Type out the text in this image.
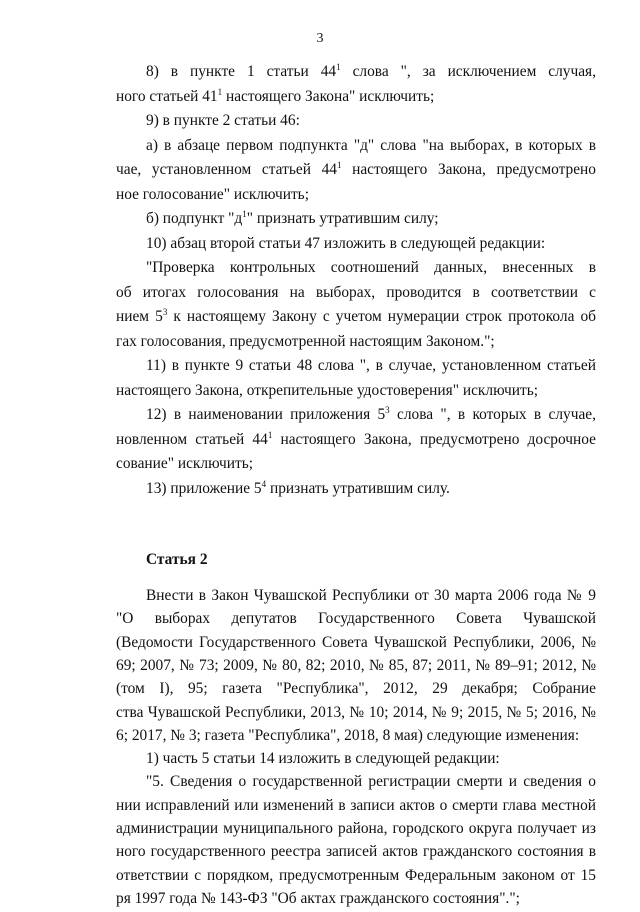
3
8) в пункте 1 статьи $44^1$ слова ", за исключением случая,
ного статьей $41^1$ настоящего Закона" исключить;
9) в пункте 2 статьи 46:
а) в абзаце первом подпункта "д" слова "на выборах, в которых в
чае, установленном статьей $44^1$ настоящего Закона, предусмотрено
ное голосование" исключить;
б) подпункт "$д^1$" признать утратившим силу;
10) абзац второй статьи 47 изложить в следующей редакции:
"Проверка контрольных соотношений данных, внесенных в
об итогах голосования на выборах, проводится в соответствии с
нием $5^3$ к настоящему Закону с учетом нумерации строк протокола об
гах голосования, предусмотренной настоящим Законом.";
11) в пункте 9 статьи 48 слова ", в случае, установленном статьей
настоящего Закона, открепительные удостоверения" исключить;
12) в наименовании приложения $5^3$ слова ", в которых в случае,
новленном статьей $44^1$ настоящего Закона, предусмотрено досрочное
сование" исключить;
13) приложение $5^4$ признать утратившим силу.
Статья 2
Внести в Закон Чувашской Республики от 30 марта 2006 года № 9
"О выборах депутатов Государственного Совета Чувашской
(Ведомости Государственного Совета Чувашской Республики, 2006, №
69; 2007, № 73; 2009, № 80, 82; 2010, № 85, 87; 2011, № 89–91; 2012, №
(том I), 95; газета "Республика", 2012, 29 декабря; Собрание
ства Чувашской Республики, 2013, № 10; 2014, № 9; 2015, № 5; 2016, №
6; 2017, № 3; газета "Республика", 2018, 8 мая) следующие изменения:
1) часть 5 статьи 14 изложить в следующей редакции:
"5. Сведения о государственной регистрации смерти и сведения о
нии исправлений или изменений в записи актов о смерти глава местной
администрации муниципального района, городского округа получает из
ного государственного реестра записей актов гражданского состояния в
ответствии с порядком, предусмотренным Федеральным законом от 15
ря 1997 года № 143-ФЗ "Об актах гражданского состояния".";
